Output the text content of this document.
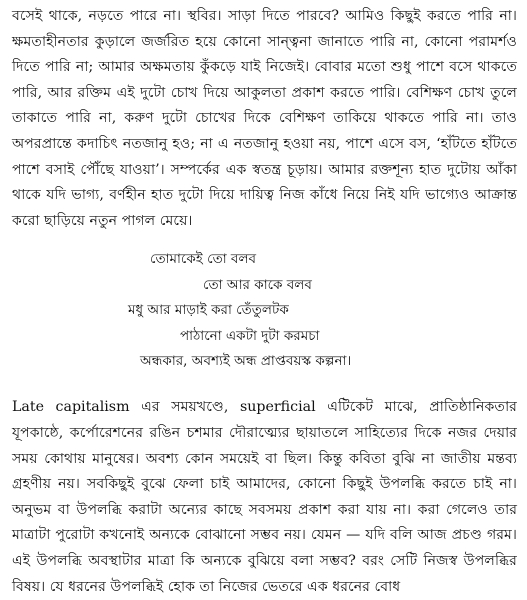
বসেই থাকে, নড়তে পারে না। স্থবির। সাড়া দিতে পারবে? আমিও কিছুই করতে পারি না। ক্ষমতাহীনতার কুড়ালে জর্জরিত হয়ে কোনো সান্ত্বনা জানাতে পারি না, কোনো পরামর্শও দিতে পারি না; আমার অক্ষমতায় কুঁকড়ে যাই নিজেই। বোবার মতো শুধু পাশে বসে থাকতে পারি, আর রক্তিম এই দুটো চোখ দিয়ে আকুলতা প্রকাশ করতে পারি। বেশিক্ষণ চোখ তুলে তাকাতে পারি না, করুণ দুটো চোখের দিকে বেশিক্ষণ তাকিয়ে থাকতে পারি না। তাও অপরপ্রান্তে কদাচিৎ নতজানু হও; না এ নতজানু হওয়া নয়, পাশে এসে বস, ‘হাঁটতে হাঁটতে পাশে বসাই পৌঁছে যাওয়া’। সম্পর্কের এক স্বতন্ত্র চূড়ায়। আমার রক্তশূন্য হাত দুটোয় আঁকা থাকে যদি ভাগ্য, বর্ণহীন হাত দুটো দিয়ে দায়িত্ব নিজ কাঁধে নিয়ে নিই যদি ভাগ্যেও আক্রান্ত করো ছাড়িয়ে নতুন পাগল মেয়ে।

তোমাকেই তো বলব
তো আর কাকে বলব
মধু আর মাড়াই করা তেঁতুলটক
পাঠানো একটা দুটা করমচা
অন্ধকার, অবশ্যই অন্ধ প্রাপ্তবয়স্ক কল্পনা।

Late capitalism এর সময়খণ্ডে, superficial এটিকেট মাঝে, প্রাতিষ্ঠানিকতার যূপকাষ্ঠে, কর্পোরেশনের রঙিন চশমার দৌরাত্ম্যের ছায়াতলে সাহিত্যের দিকে নজর দেয়ার সময় কোথায় মানুষের। অবশ্য কোন সময়েই বা ছিল। কিন্তু কবিতা বুঝি না জাতীয় মন্তব্য গ্রহণীয় নয়। সবকিছুই বুঝে ফেলা চাই আমাদের, কোনো কিছুই উপলব্ধি করতে চাই না। অনুভম বা উপলব্ধি করাটা অন্যের কাছে সবসময় প্রকাশ করা যায় না। করা গেলেও তার মাত্রাটা পুরোটা কখনোই অন্যকে বোঝানো সম্ভব নয়। যেমন — যদি বলি আজ প্রচণ্ড গরম। এই উপলব্ধি অবস্থাটার মাত্রা কি অন্যকে বুঝিয়ে বলা সম্ভব? বরং সেটি নিজস্ব উপলব্ধির বিষয়। যে ধরনের উপলব্ধিই হোক তা নিজের ভেতরে এক ধরনের বোধ
